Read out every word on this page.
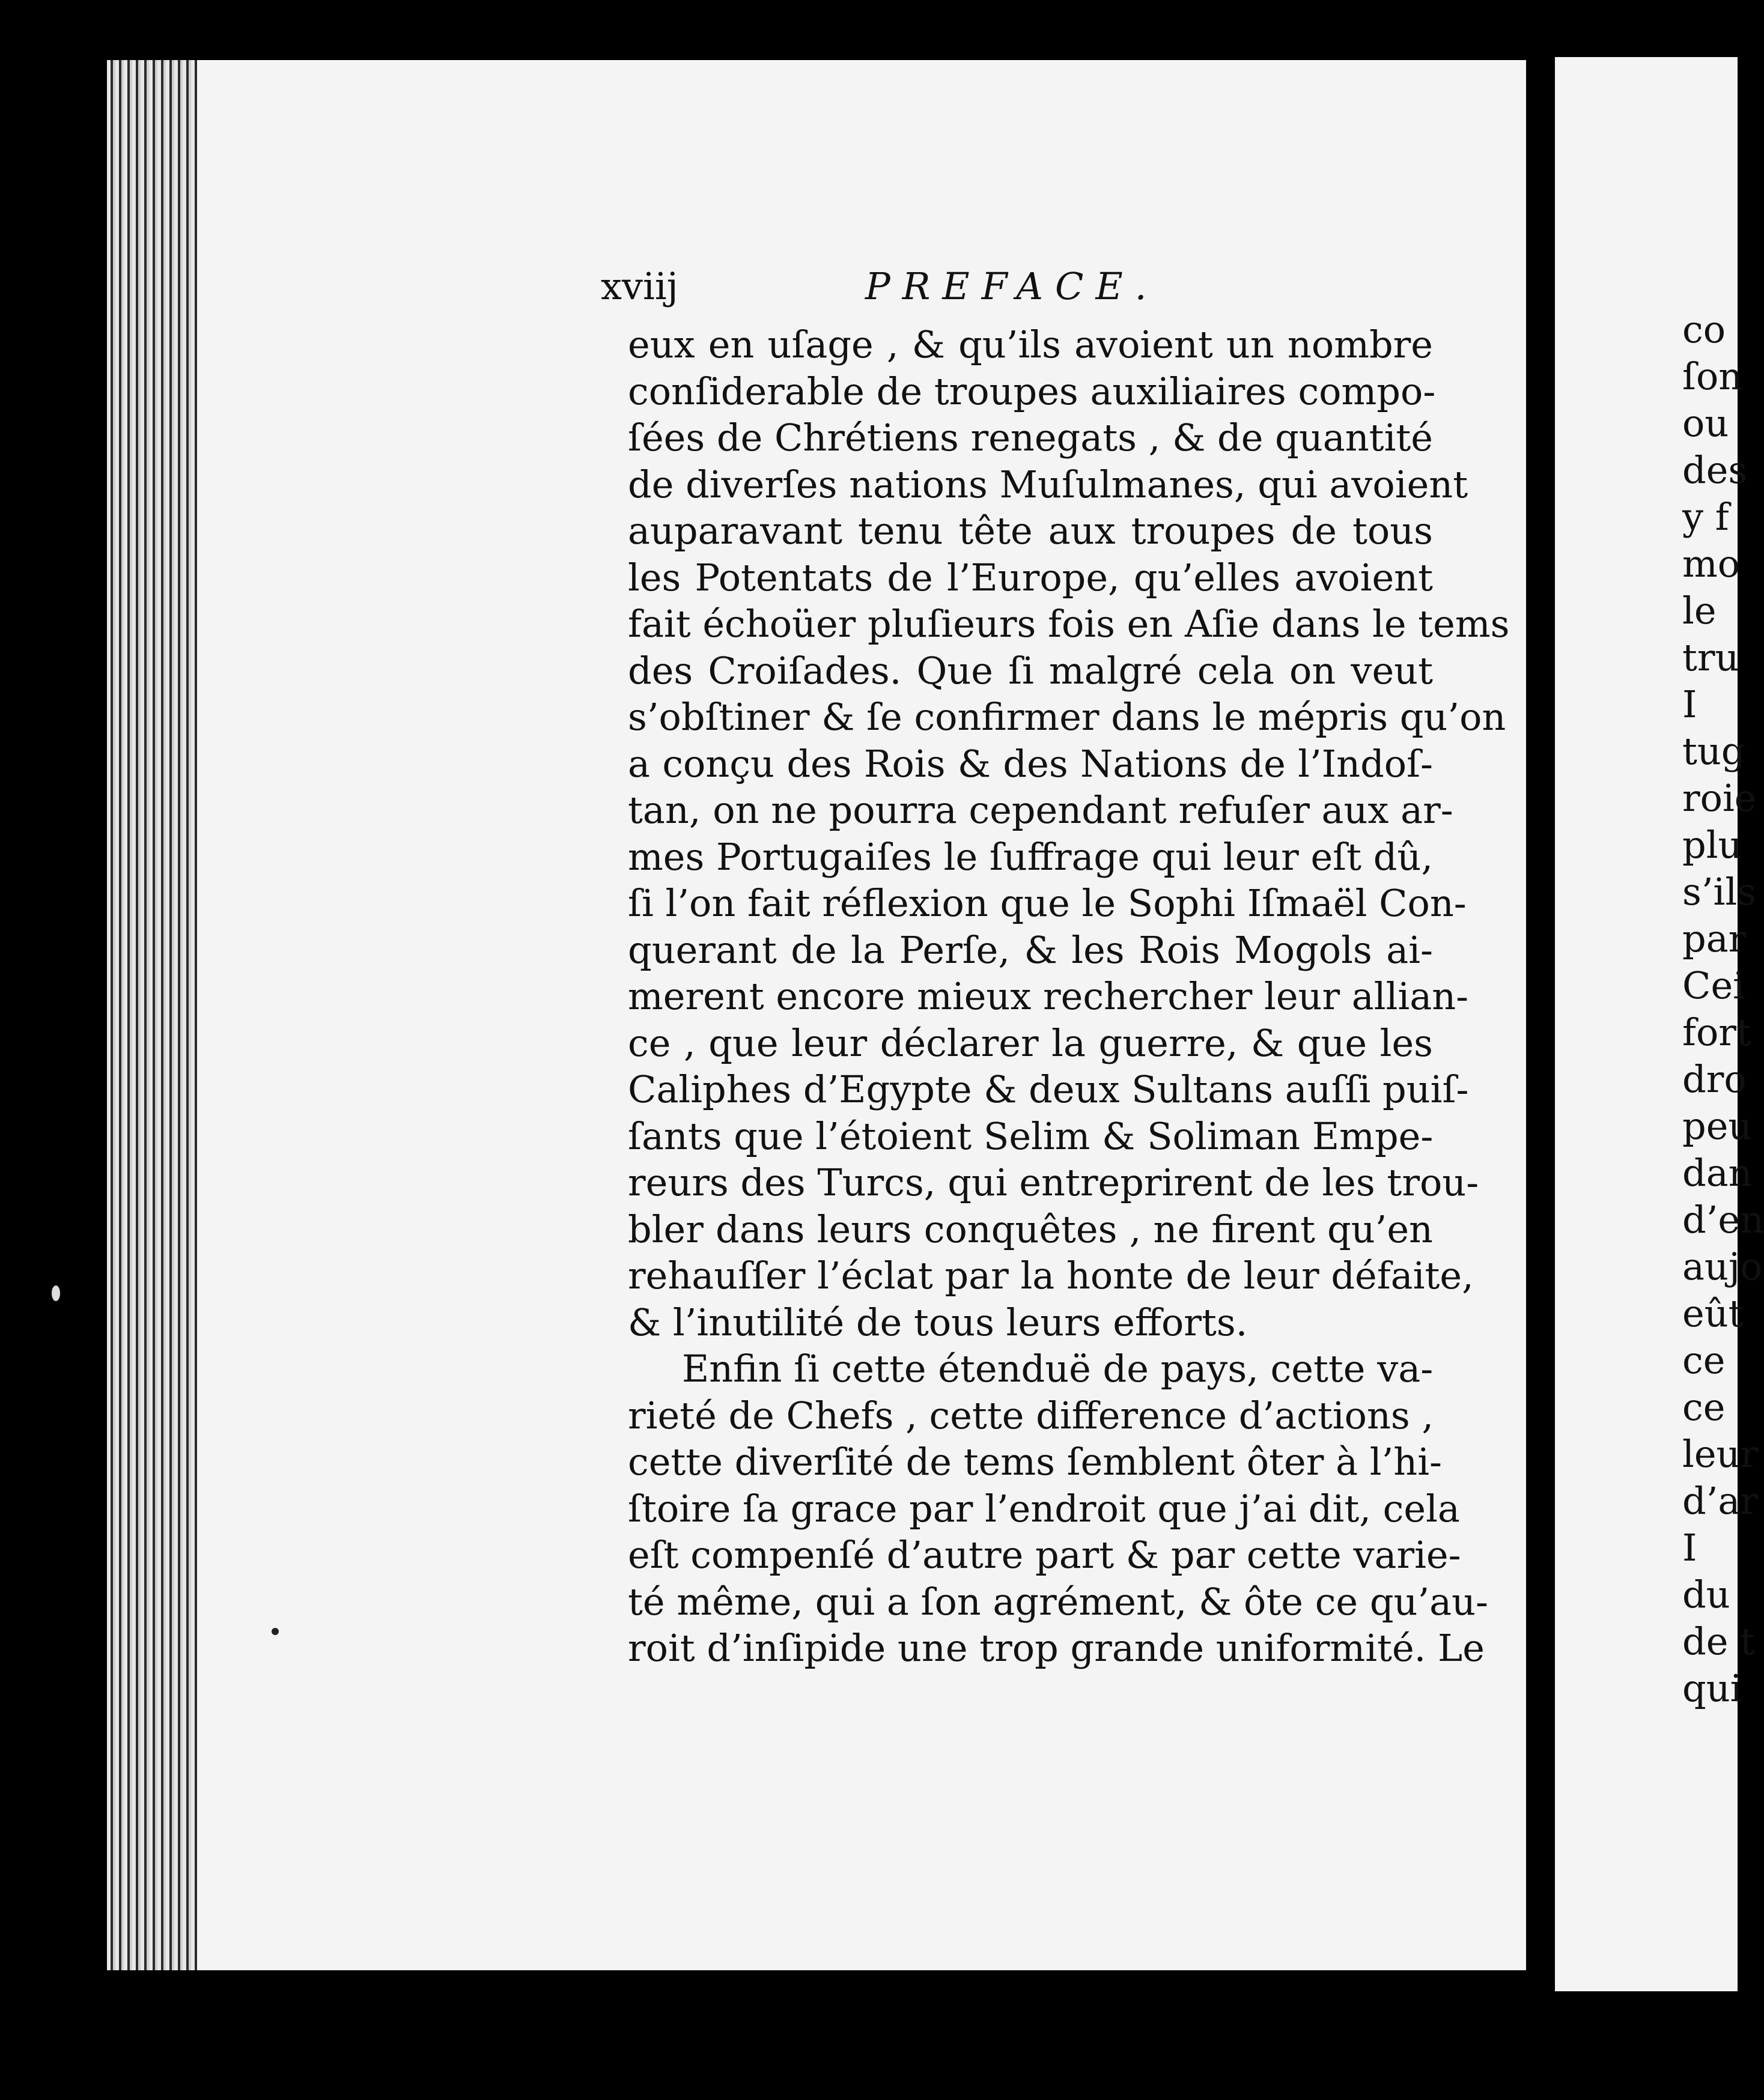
xviij	PREFACE.
eux en uſage , & qu’ils avoient un nombre
conſiderable de troupes auxiliaires compo-
ſées de Chrétiens renegats , & de quantité
de diverſes nations Muſulmanes, qui avoient
auparavant tenu tête aux troupes de tous
les Potentats de l’Europe, qu’elles avoient
fait échoüer pluſieurs fois en Aſie dans le tems
des Croiſades. Que ſi malgré cela on veut
s’obſtiner & ſe confirmer dans le mépris qu’on
a conçu des Rois & des Nations de l’Indoſ-
tan, on ne pourra cependant refuſer aux ar-
mes Portugaiſes le ſuffrage qui leur eſt dû,
ſi l’on fait réflexion que le Sophi Iſmaël Con-
querant de la Perſe, & les Rois Mogols ai-
merent encore mieux rechercher leur allian-
ce , que leur déclarer la guerre, & que les
Caliphes d’Egypte & deux Sultans auſſi puiſ-
ſants que l’étoient Selim & Soliman Empe-
reurs des Turcs, qui entreprirent de les trou-
bler dans leurs conquêtes , ne firent qu’en
rehauſſer l’éclat par la honte de leur défaite,
& l’inutilité de tous leurs efforts.
Enfin ſi cette étenduë de pays, cette va-
rieté de Chefs , cette difference d’actions ,
cette diverſité de tems ſemblent ôter à l’hi-
ſtoire ſa grace par l’endroit que j’ai dit, cela
eſt compenſé d’autre part & par cette varie-
té même, qui a ſon agrément, & ôte ce qu’au-
roit d’inſipide une trop grande uniformité. Le
co
ſon
ou
des
y f
mo
le
tru
I
tug
roie
plu
s’ils
par
Cei
fort
dro
peu
dan
d’en
aujo
eût
ce
ce
leur
d’ar
I
du
de t
qui
